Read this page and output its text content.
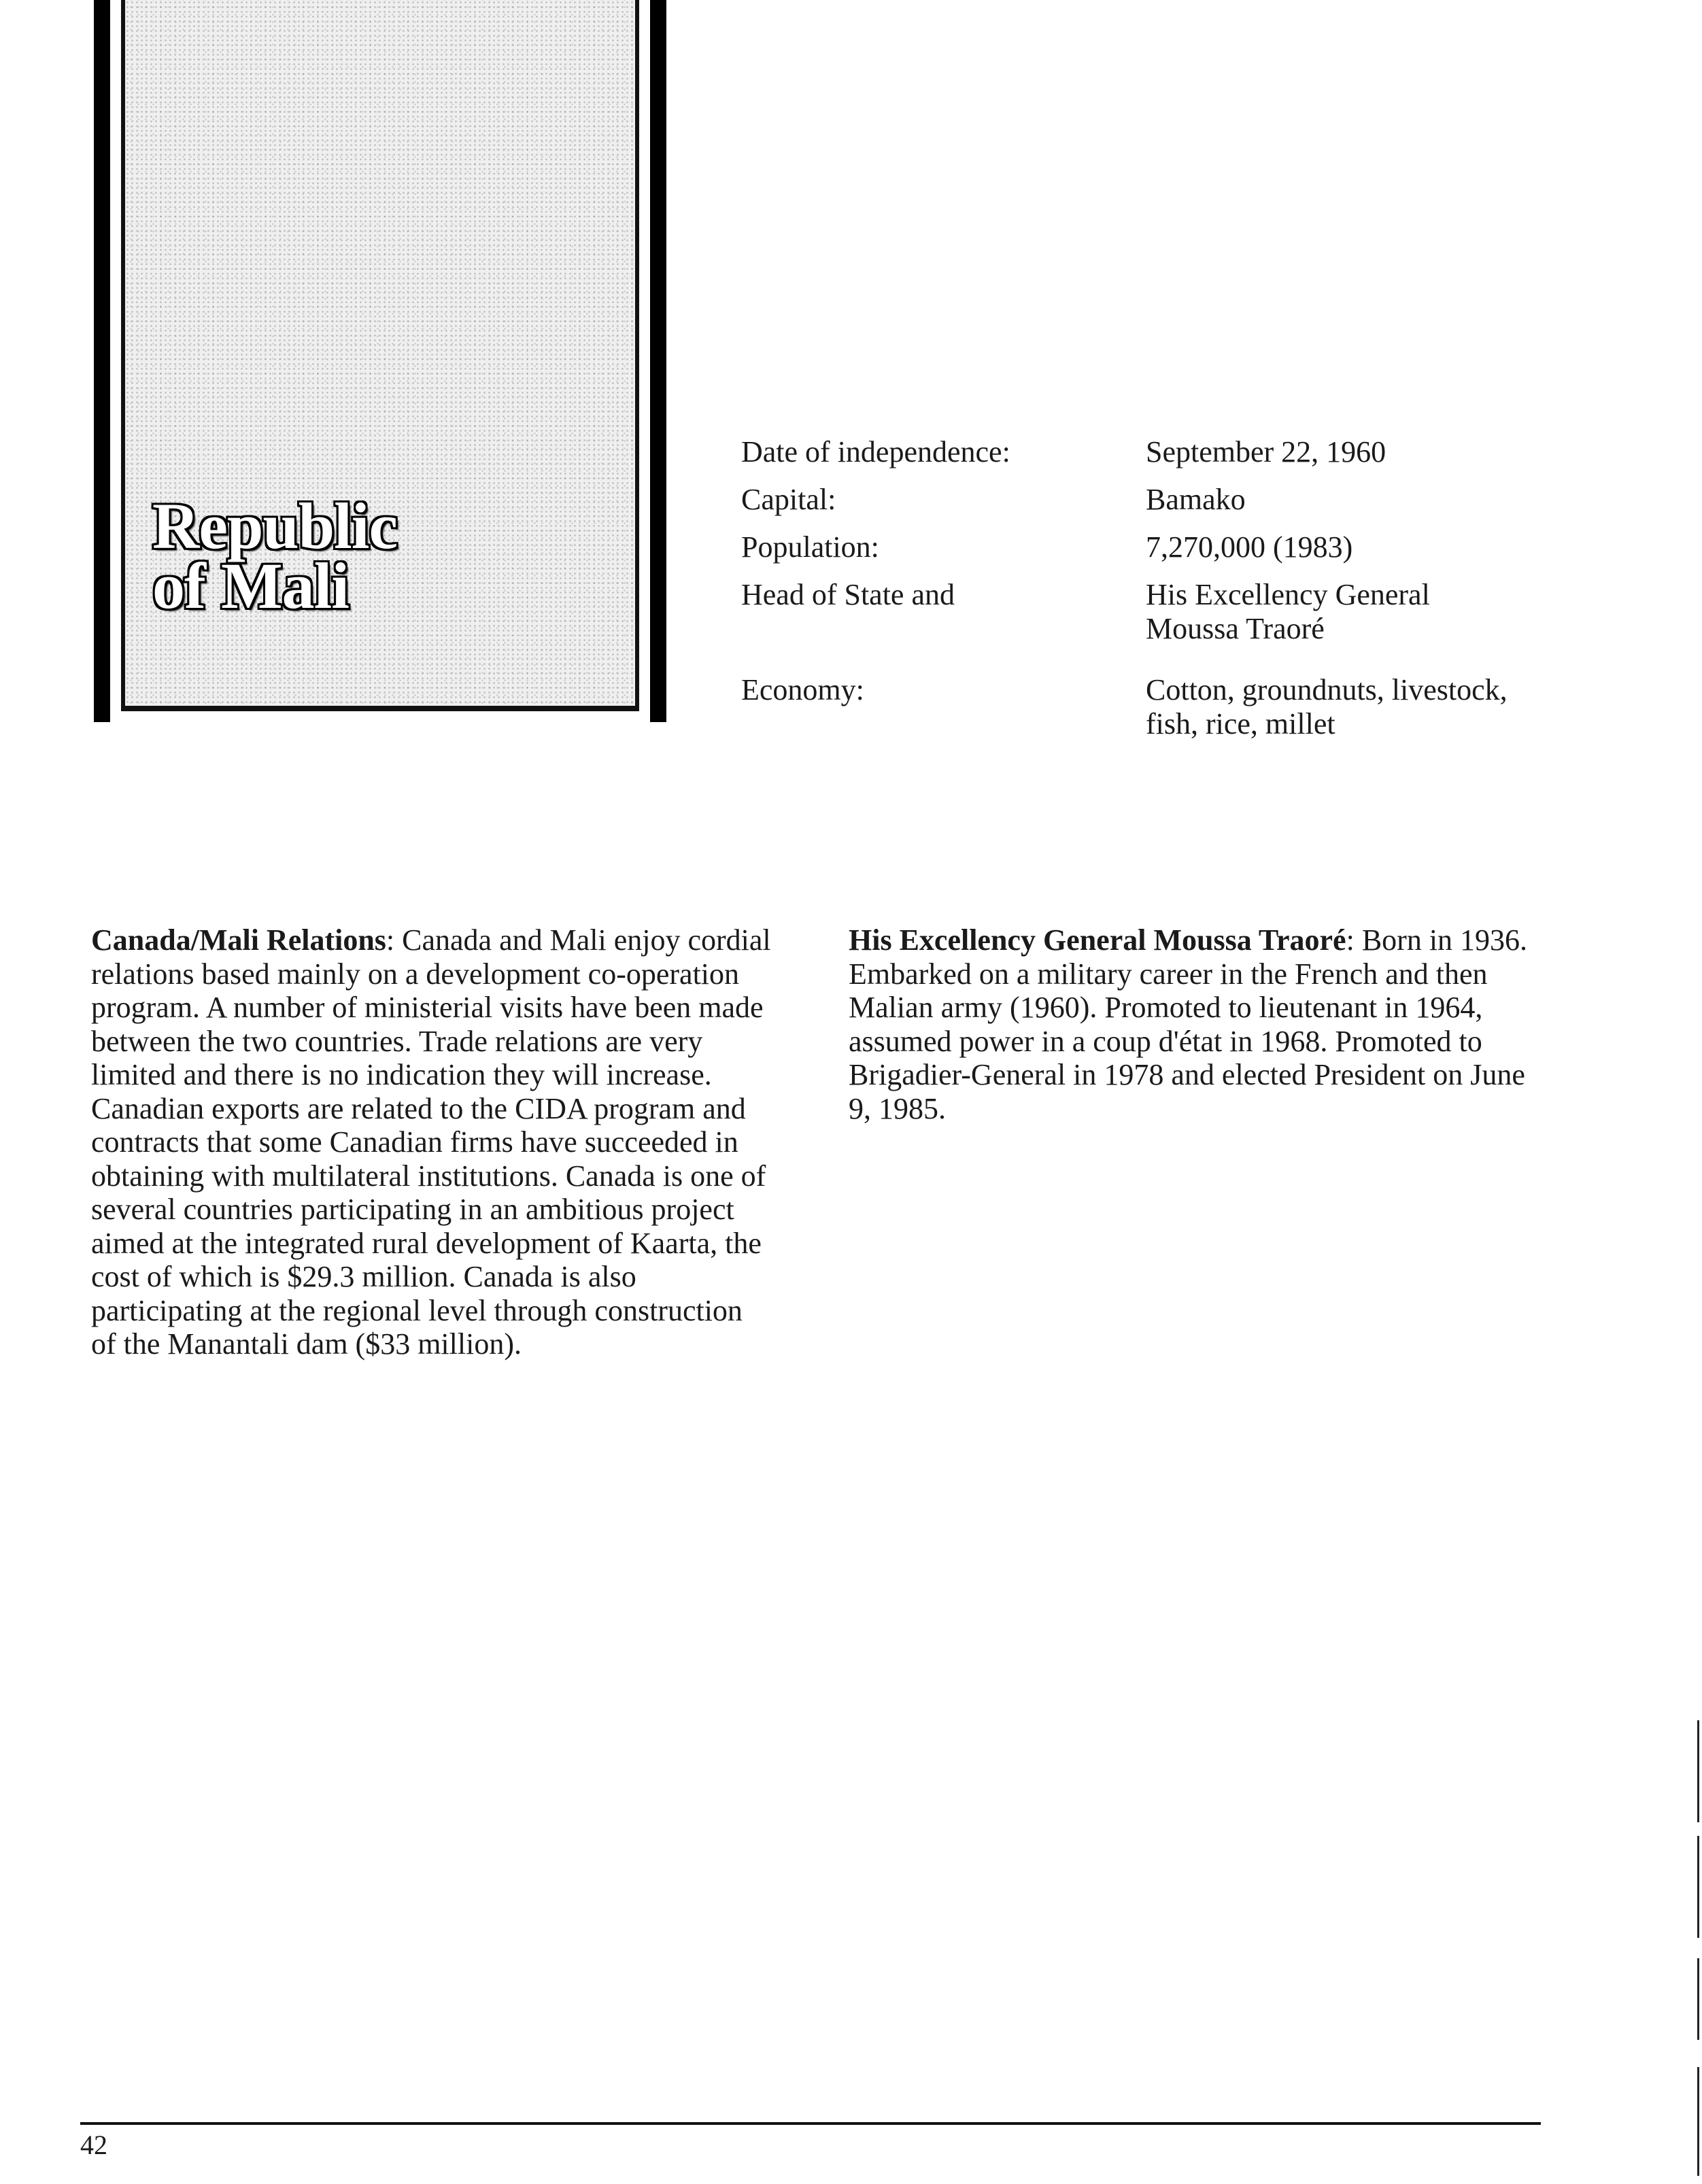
Republic
of Mali
Date of independence:	September 22, 1960
Capital:	Bamako
Population:	7,270,000 (1983)
Head of State and	His Excellency General
Moussa Traoré
Economy:	Cotton, groundnuts, livestock,
fish, rice, millet

Canada/Mali Relations: Canada and Mali enjoy cordial relations based mainly on a development co-operation program. A number of ministerial visits have been made between the two countries. Trade relations are very limited and there is no indication they will increase. Canadian exports are related to the CIDA program and contracts that some Canadian firms have succeeded in obtaining with multilateral institutions. Canada is one of several countries participating in an ambitious project aimed at the integrated rural development of Kaarta, the cost of which is $29.3 million. Canada is also participating at the regional level through construction of the Manantali dam ($33 million).

His Excellency General Moussa Traoré: Born in 1936. Embarked on a military career in the French and then Malian army (1960). Promoted to lieutenant in 1964, assumed power in a coup d'état in 1968. Promoted to Brigadier-General in 1978 and elected President on June 9, 1985.

42
